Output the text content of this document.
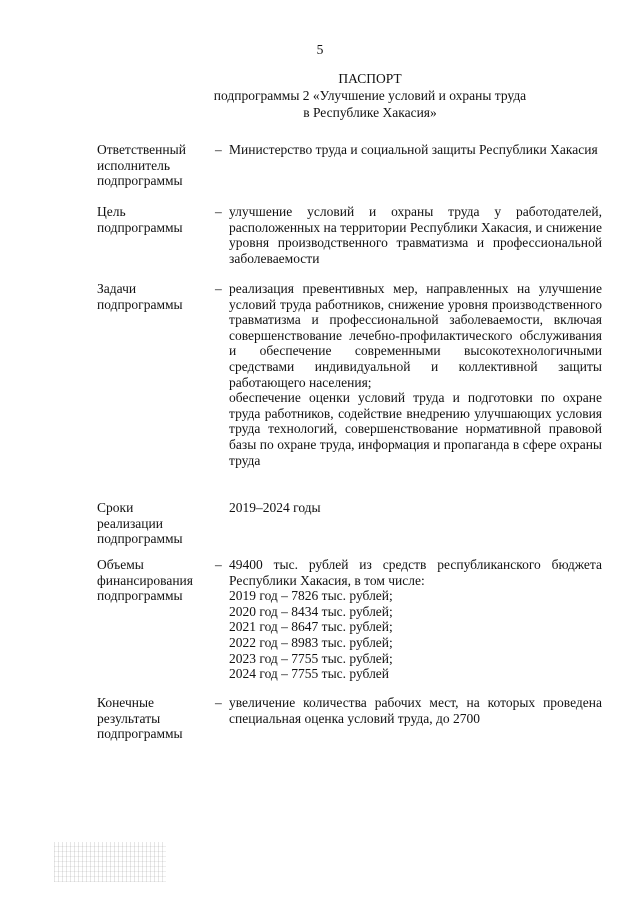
5
ПАСПОРТ
подпрограммы 2 «Улучшение условий и охраны труда
в Республике Хакасия»
Ответственный
исполнитель
подпрограммы
– Министерство труда и социальной защиты Республики Хакасия

Цель
подпрограммы
– улучшение условий и охраны труда у работодателей, расположенных на территории Республики Хакасия, и снижение уровня производственного травматизма и профессиональной заболеваемости

Задачи
подпрограммы
– реализация превентивных мер, направленных на улучшение условий труда работников, снижение уровня производственного травматизма и профессиональной заболеваемости, включая совершенствование лечебно-профилактического обслуживания и обеспечение современными высокотехнологичными средствами индивидуальной и коллективной защиты работающего населения;

обеспечение оценки условий труда и подготовки по охране труда работников, содействие внедрению улучшающих условия труда технологий, совершенствование нормативной правовой базы по охране труда, информация и пропаганда в сфере охраны труда

Сроки
реализации
подпрограммы

2019–2024 годы

Объемы
финансирования
подпрограммы
– 49400 тыс. рублей из средств республиканского бюджета Республики Хакасия, в том числе:

2019 год – 7826 тыс. рублей;
2020 год – 8434 тыс. рублей;
2021 год – 8647 тыс. рублей;
2022 год – 8983 тыс. рублей;
2023 год – 7755 тыс. рублей;
2024 год – 7755 тыс. рублей
Конечные
результаты
подпрограммы
– увеличение количества рабочих мест, на которых проведена специальная оценка условий труда, до 2700
